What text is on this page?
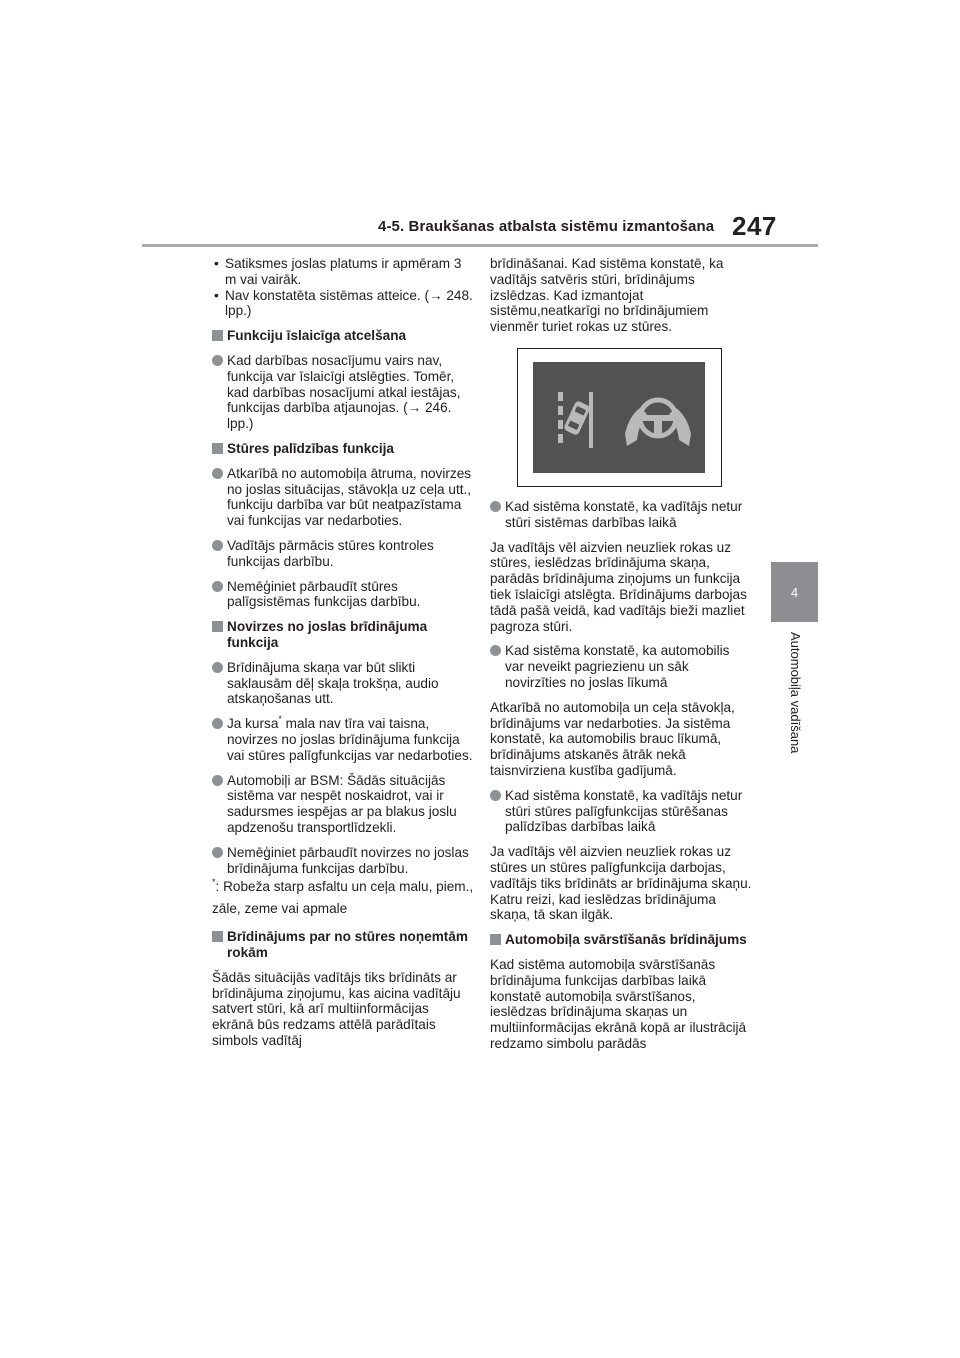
4-5. Braukšanas atbalsta sistēmu izmantošana 247
4
Automobiļa vadīšana
• Satiksmes joslas platums ir apmēram 3 m vai vairāk.
• Nav konstatēta sistēmas atteice. (→ 248. lpp.)
Funkciju īslaicīga atcelšana
Kad darbības nosacījumu vairs nav, funkcija var īslaicīgi atslēgties. Tomēr, kad darbības nosacījumi atkal iestājas, funkcijas darbība atjaunojas. (→ 246. lpp.)
Stūres palīdzības funkcija
Atkarībā no automobiļa ātruma, novirzes no joslas situācijas, stāvokļa uz ceļa utt., funkciju darbība var būt neatpazīstama vai funkcijas var nedarboties.
Vadītājs pārmācis stūres kontroles funkcijas darbību.
Nemēģiniet pārbaudīt stūres palīgsistēmas funkcijas darbību.
Novirzes no joslas brīdinājuma funkcija
Brīdinājuma skaņa var būt slikti saklausām dēļ skaļa trokšņa, audio atskaņošanas utt.
Ja kursa* mala nav tīra vai taisna, novirzes no joslas brīdinājuma funkcija vai stūres palīgfunkcijas var nedarboties.
Automobiļi ar BSM: Šādās situācijās sistēma var nespēt noskaidrot, vai ir sadursmes iespējas ar pa blakus joslu apdzenošu transportlīdzekli.
Nemēģiniet pārbaudīt novirzes no joslas brīdinājuma funkcijas darbību.
*: Robeža starp asfaltu un ceļa malu, piem., zāle, zeme vai apmale
Brīdinājums par no stūres noņemtām rokām
Šādās situācijās vadītājs tiks brīdināts ar brīdinājuma ziņojumu, kas aicina vadītāju satvert stūri, kā arī multiinformācijas ekrānā būs redzams attēlā parādītais simbols vadītāj
brīdināšanai. Kad sistēma konstatē, ka vadītājs satvēris stūri, brīdinājums izslēdzas. Kad izmantojat sistēmu,neatkarīgi no brīdinājumiem vienmēr turiet rokas uz stūres.
Kad sistēma konstatē, ka vadītājs netur stūri sistēmas darbības laikā
Ja vadītājs vēl aizvien neuzliek rokas uz stūres, ieslēdzas brīdinājuma skaņa, parādās brīdinājuma ziņojums un funkcija tiek īslaicīgi atslēgta. Brīdinājums darbojas tādā pašā veidā, kad vadītājs bieži mazliet pagroza stūri.
Kad sistēma konstatē, ka automobilis var neveikt pagriezienu un sāk novirzīties no joslas līkumā
Atkarībā no automobiļa un ceļa stāvokļa, brīdinājums var nedarboties. Ja sistēma konstatē, ka automobilis brauc līkumā, brīdinājums atskanēs ātrāk nekā taisnvirziena kustība gadījumā.
Kad sistēma konstatē, ka vadītājs netur stūri stūres palīgfunkcijas stūrēšanas palīdzības darbības laikā
Ja vadītājs vēl aizvien neuzliek rokas uz stūres un stūres palīgfunkcija darbojas, vadītājs tiks brīdināts ar brīdinājuma skaņu. Katru reizi, kad ieslēdzas brīdinājuma skaņa, tā skan ilgāk.
Automobiļa svārstīšanās brīdinājums
Kad sistēma automobiļa svārstīšanās brīdinājuma funkcijas darbības laikā konstatē automobiļa svārstīšanos, ieslēdzas brīdinājuma skaņas un multiinformācijas ekrānā kopā ar ilustrācijā redzamo simbolu parādās
